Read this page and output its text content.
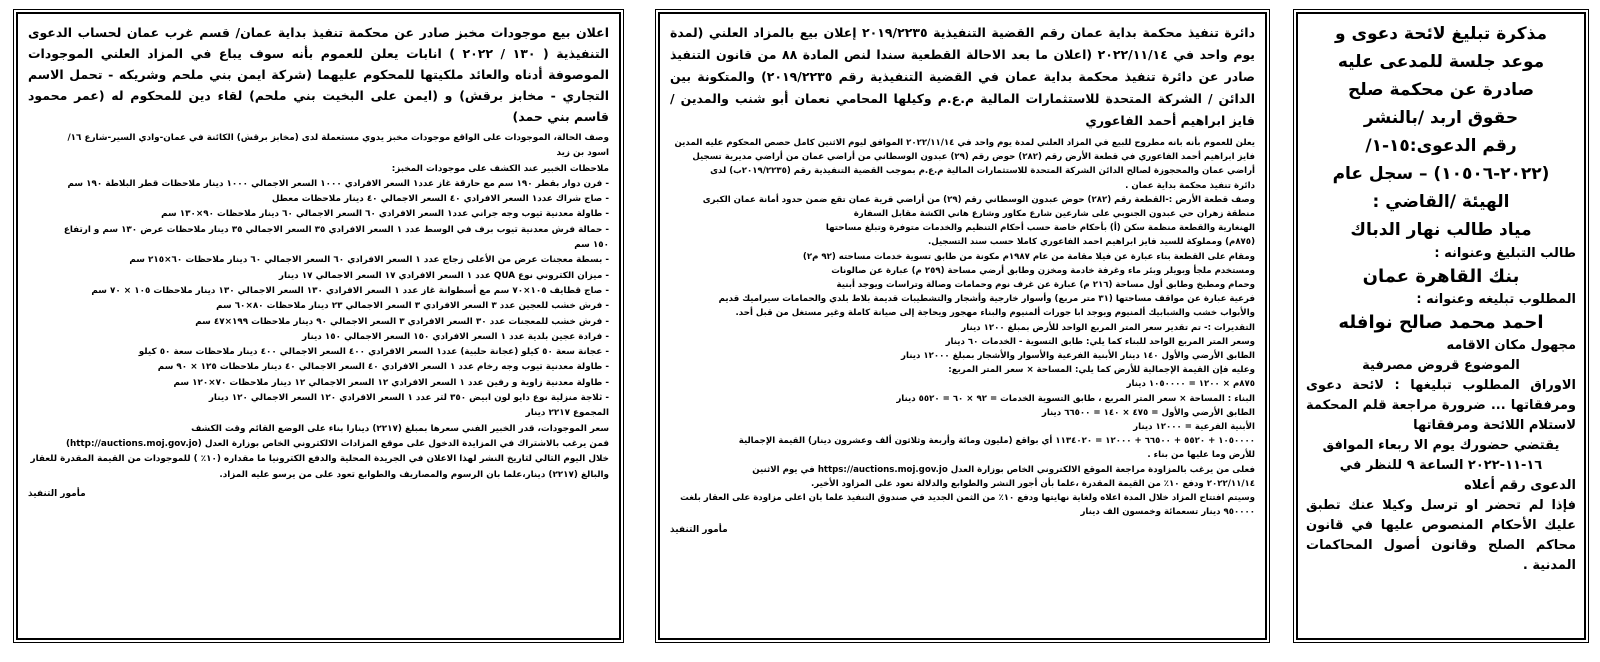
مذكرة تبليغ لائحة دعوى و

موعد جلسة للمدعى عليه

صادرة عن محكمة صلح

حقوق اربد /بالنشر

رقم الدعوى:١٥-١/

(٢٠٢٢-١٠٥٠٦) – سجل عام

الهيئة /القاضي :

مياد طالب نهار الدباك

طالب التبليغ وعنوانه :

بنك القاهرة عمان

المطلوب تبليغه وعنوانه :

احمد محمد صالح نوافله

مجهول مكان الاقامه

الموضوع قروض مصرفية

الاوراق المطلوب تبليغها : لائحة دعوى ومرفقاتها ... ضرورة مراجعة قلم المحكمة لاستلام اللائحة ومرفقاتها

يقتضي حضورك يوم الا ربعاء الموافق

١٦-١١-٢٠٢٢ الساعة ٩ للنظر في

الدعوى رقم أعلاه

فإذا لم تحضر او ترسل وكيلا عنك تطبق عليك الأحكام المنصوص عليها في قانون محاكم الصلح وقانون أصول المحاكمات المدنية .

دائرة تنفيذ محكمة بداية عمان رقم القضية التنفيذية ٢٠١٩/٢٢٣٥ إعلان بيع بالمزاد العلني (لمدة يوم واحد في ٢٠٢٢/١١/١٤ (اعلان ما بعد الاحالة القطعية سندا لنص المادة ٨٨ من قانون التنفيذ صادر عن دائرة تنفيذ محكمة بداية عمان في القضية التنفيذية رقم ٢٠١٩/٢٢٣٥) والمتكونة بين الدائن / الشركة المتحدة للاستثمارات المالية م.ع.م وكيلها المحامي نعمان أبو شنب والمدين / فايز ابراهيم أحمد الفاعوري

يعلن للعموم بأنه بانه مطروح للبيع في المزاد العلني لمدة يوم واحد في ٢٠٢٢/١١/١٤ الموافق ليوم الاثنين كامل حصص المحكوم عليه المدين

فايز ابراهيم أحمد الفاعوري في قطعة الأرض رقم (٢٨٢) حوض رقم (٢٩) عبدون الوسطاني من أراضي عمان من أراضي مديرية تسجيل

أراضي عمان والمحجوزة لصالح الدائن الشركة المتحدة للاستثمارات المالية م.ع.م بموجب القضية التنفيذية رقم (٢٠١٩/٢٢٣٥ب) لدى

دائرة تنفيذ محكمة بداية عمان .

وصف قطعة الأرض :-القطعة رقم (٢٨٢) حوض عبدون الوسطاني رقم (٢٩) من أراضي قرية عمان تقع ضمن حدود أمانة عمان الكبرى

منطقة زهران حي عبدون الجنوبي على شارعين شارع مكاور وشارع هاني الكشة مقابل السفارة

الهنغارية والقطعة منظمة سكن (أ) بأحكام خاصة حسب أحكام التنظيم والخدمات متوفرة وتبلغ مساحتها

(٨٧٥م) ومملوكة للسيد فايز ابراهيم احمد الفاعوري كاملا حسب سند التسجيل.

ومقام على القطعة بناء عبارة عن فيلا مقامة من عام ١٩٨٧م مكونة من طابق تسوية خدمات مساحته (٩٢ م٢)

ومستخدم ملجأ وبويلر وبئر ماء وغرفة خادمة ومخزن وطابق أرضي مساحة (٢٥٩ م) عبارة عن صالونات

وحمام ومطبخ وطابق أول مساحة (٢١٦ م) عبارة عن غرف نوم وحمامات وصالة وتراسات ويوجد أبنية

فرعية عبارة عن مواقف مساحتها (٣١ متر مربع) وأسوار خارجية وأشجار والتشطيبات قديمة بلاط بلدي والحمامات سيراميك قديم

والأبواب خشب والشبابيك ألمنيوم ويوجد ابا جورات ألمنيوم والبناء مهجور ويحاجة إلى صيانة كاملة وغير مستغل من قبل أحد.

التقديرات :- تم تقدير سعر المتر المربع الواحد للأرض بمبلغ ١٢٠٠ دينار

وسعر المتر المربع الواحد للبناء كما يلي: طابق التسوية - الخدمات ٦٠ دينار

الطابق الأرضي والأول ١٤٠ دينار الأبنية الفرعية والأسوار والأشجار بمبلغ ١٢٠٠٠ دينار

وعليه فإن القيمة الإجمالية للأرض كما يلي: المساحة × سعر المتر المربع:

٨٧٥م × ١٢٠٠ = ١٠٥٠٠٠٠ دينار

البناء : المساحة × سعر المتر المربع ، طابق التسوية الخدمات = ٩٢ × ٦٠ = ٥٥٢٠ دينار

الطابق الأرضي والأول = ٤٧٥ × ١٤٠ = ٦٦٥٠٠ دينار

الأبنية الفرعية = ١٢٠٠٠ دينار

١٠٥٠٠٠٠ + ٥٥٢٠ + ٦٦٥٠٠ + ١٢٠٠٠ = ١١٣٤٠٢٠ أي بواقع (مليون ومائة وأربعة وثلاثون ألف وعشرون دينار) القيمة الإجمالية

للأرض وما عليها من بناء .

فعلى من يرغب بالمزاودة مراجعة الموقع الالكتروني الخاص بوزارة العدل https://auctions.moj.gov.jo في يوم الاثنين

٢٠٢٢/١١/١٤ ودفع ١٠٪ من القيمة المقدرة ،علما بأن أجور النشر والطوابع والدلالة تعود على المزاود الأخير.

وسيتم افتتاح المزاد خلال المدة اعلاه ولغاية نهايتها ودفع ١٠٪ من الثمن الجديد في صندوق التنفيذ علما بان اعلى مزاودة على العقار بلغت

٩٥٠٠٠٠ دينار تسعمائة وخمسون الف دينار

مأمور التنفيذ

اعلان بيع موجودات مخبز صادر عن محكمة تنفيذ بداية عمان/ قسم غرب عمان لحساب الدعوى التنفيذية ( ١٣٠ / ٢٠٢٢ ) انابات يعلن للعموم بأنه سوف يباع في المزاد العلني الموجودات الموصوفة أدناه والعائد ملكيتها للمحكوم عليهما (شركة ايمن بني ملحم وشريكه - تحمل الاسم التجاري - مخابز برقش) و (ايمن على البخيت بني ملحم) لقاء دين للمحكوم له (عمر محمود قاسم بني حمد)

وصف الحالة، الموجودات على الواقع موجودات مخبز يدوي مستعملة لدى (مخابز برقش) الكائنة في عمان-وادي السير-شارع ١٦/

اسود بن زيد

ملاحظات الخبير عند الكشف على موجودات المخبز:

- فرن دوار بقطر ١٩٠ سم مع حارقة غاز عدد١ السعر الافرادي ١٠٠٠ السعر الاجمالي ١٠٠٠ دينار ملاحظات قطر البلاطة ١٩٠ سم

- صاج شراك عدد١ السعر الافرادي ٤٠ السعر الاجمالي ٤٠ دينار ملاحظات معطل

- طاولة معدنية تيوب وجه جراني عدد١ السعر الافرادي ٦٠ السعر الاجمالي ٦٠ دينار ملاحظات ٩٠×١٣٠ سم

- حمالة فرش معدنية تيوب برف في الوسط عدد ١ السعر الافرادي ٣٥ السعر الاجمالي ٣٥ دينار ملاحظات عرض ١٣٠ سم و ارتفاع

١٥٠ سم

- بسطة معجنات عرض من الأعلى زجاج عدد ١ السعر الافرادي ٦٠ السعر الاجمالي ٦٠ دينار ملاحظات ٦٠×٢١٥ سم

- ميزان الكتروني نوع QUA عدد ١ السعر الافرادي ١٧ السعر الاجمالي ١٧ دينار

- صاج قطايف ١٠٥×٧٠ سم مع أسطوانة غاز عدد ١ السعر الافرادي ١٣٠ السعر الاجمالي ١٣٠ دينار ملاحظات ١٠٥ × ٧٠ سم

- فرش خشب للعجين عدد ٣ السعر الافرادي ٣ السعر الاجمالي ٢٣ دينار ملاحظات ٨٠×٦٠ سم

- فرش خشب للمعجنات عدد ٣٠ السعر الافرادي ٣ السعر الاجمالي ٩٠ دينار ملاحظات ١٩٩×٤٧ سم

- فرادة عجين بلدية عدد ١ السعر الافرادي ١٥٠ السعر الاجمالي ١٥٠ دينار

- عجانة سعة ٥٠ كيلو (عجانة حلبية) عدد١ السعر الافرادي ٤٠٠ السعر الاجمالي ٤٠٠ دينار ملاحظات سعة ٥٠ كيلو

- طاولة معدنية تيوب وجه رخام عدد ١ السعر الافرادي ٤٠ السعر الاجمالي ٤٠ دينار ملاحظات ١٢٥ × ٩٠ سم

- طاولة معدنية زاوية و رفين عدد ١ السعر الافرادي ١٢ السعر الاجمالي ١٢ دينار ملاحظات ٧٠×١٢٠ سم

- ثلاجة منزلية نوع دايو لون ابيض ٣٥٠ لتر عدد ١ السعر الافرادي ١٢٠ السعر الاجمالي ١٢٠ دينار

المجموع ٢٢١٧ دينار

سعر الموجودات، قدر الخبير الفني سعرها بمبلغ (٢٢١٧) دينارا بناء على الوضع القائم وقت الكشف

فمن يرغب بالاشتراك في المزايدة الدخول على موقع المزادات الالكتروني الخاص بوزارة العدل (http://auctions.moj.gov.jo)

خلال اليوم التالي لتاريخ النشر لهذا الاعلان في الجريدة المحلية والدفع الكترونيا ما مقداره (١٠٪ ) للموجودات من القيمة المقدرة للعقار

والبالغ (٢٢١٧) دينار،علما بان الرسوم والمصاريف والطوابع تعود على من يرسو عليه المزاد.

مأمور التنفيذ
